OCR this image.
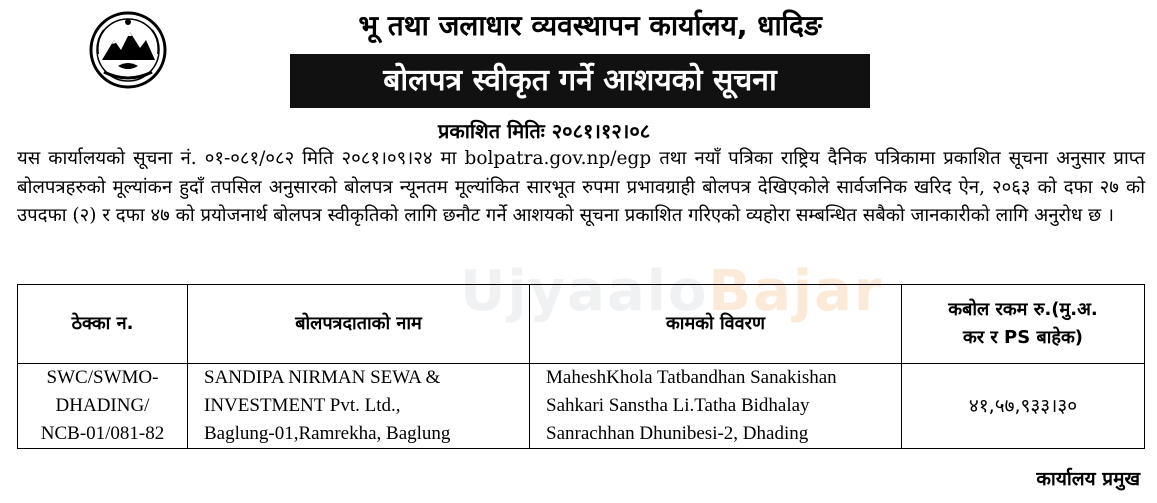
भू तथा जलाधार व्यवस्थापन कार्यालय, धादिङ
बोलपत्र स्वीकृत गर्ने आशयको सूचना
प्रकाशित मितिः २०८१।१२।०८
यस कार्यालयको सूचना नं. ०१-०८१/०८२ मिति २०८१।०९।२४ मा bolpatra.gov.np/egp तथा नयाँ पत्रिका राष्ट्रिय दैनिक पत्रिकामा प्रकाशित सूचना अनुसार प्राप्त बोलपत्रहरुको मूल्यांकन हुदाँ तपसिल अनुसारको बोलपत्र न्यूनतम मूल्यांकित सारभूत रुपमा प्रभावग्राही बोलपत्र देखिएकोले सार्वजनिक खरिद ऐन, २०६३ को दफा २७ को उपदफा (२) र दफा ४७ को प्रयोजनार्थ बोलपत्र स्वीकृतिको लागि छनौट गर्ने आशयको सूचना प्रकाशित गरिएको व्यहोरा सम्बन्धित सबैको जानकारीको लागि अनुरोध छ ।
UjyaaloBajar
ठेक्का न.	बोलपत्रदाताको नाम	कामको विवरण	कबोल रकम रु.(मु.अ.
कर र PS बाहेक)

SWC/SWMO-
DHADING/
NCB-01/081-82	SANDIPA NIRMAN SEWA &
INVESTMENT Pvt. Ltd.,
Baglung-01,Ramrekha, Baglung	MaheshKhola Tatbandhan Sanakishan
Sahkari Sanstha Li.Tatha Bidhalay
Sanrachhan Dhunibesi-2, Dhading	४१,५७,९३३।३०
कार्यालय प्रमुख
